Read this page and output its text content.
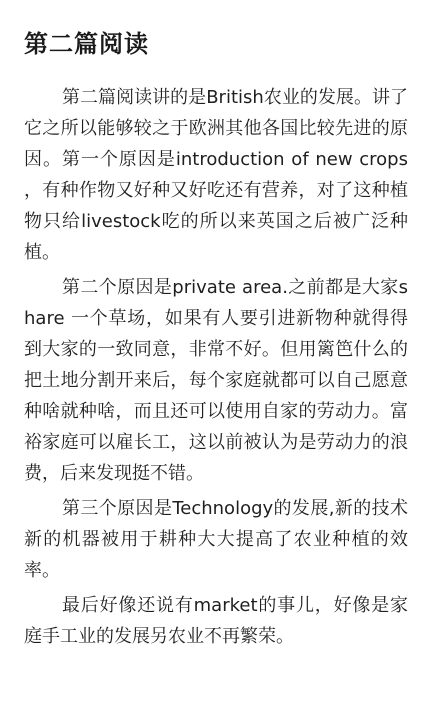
第二篇阅读

第二篇阅读讲的是British农业的发展。讲了它之所以能够较之于欧洲其他各国比较先进的原因。第一个原因是introduction of new crops ，有种作物又好种又好吃还有营养，对了这种植物只给livestock吃的所以来英国之后被广泛种植。

第二个原因是private area.之前都是大家share 一个草场，如果有人要引进新物种就得得到大家的一致同意，非常不好。但用篱笆什么的把土地分割开来后，每个家庭就都可以自己愿意种啥就种啥，而且还可以使用自家的劳动力。富裕家庭可以雇长工，这以前被认为是劳动力的浪费，后来发现挺不错。

第三个原因是Technology的发展,新的技术新的机器被用于耕种大大提高了农业种植的效率。

最后好像还说有market的事儿，好像是家庭手工业的发展另农业不再繁荣。
